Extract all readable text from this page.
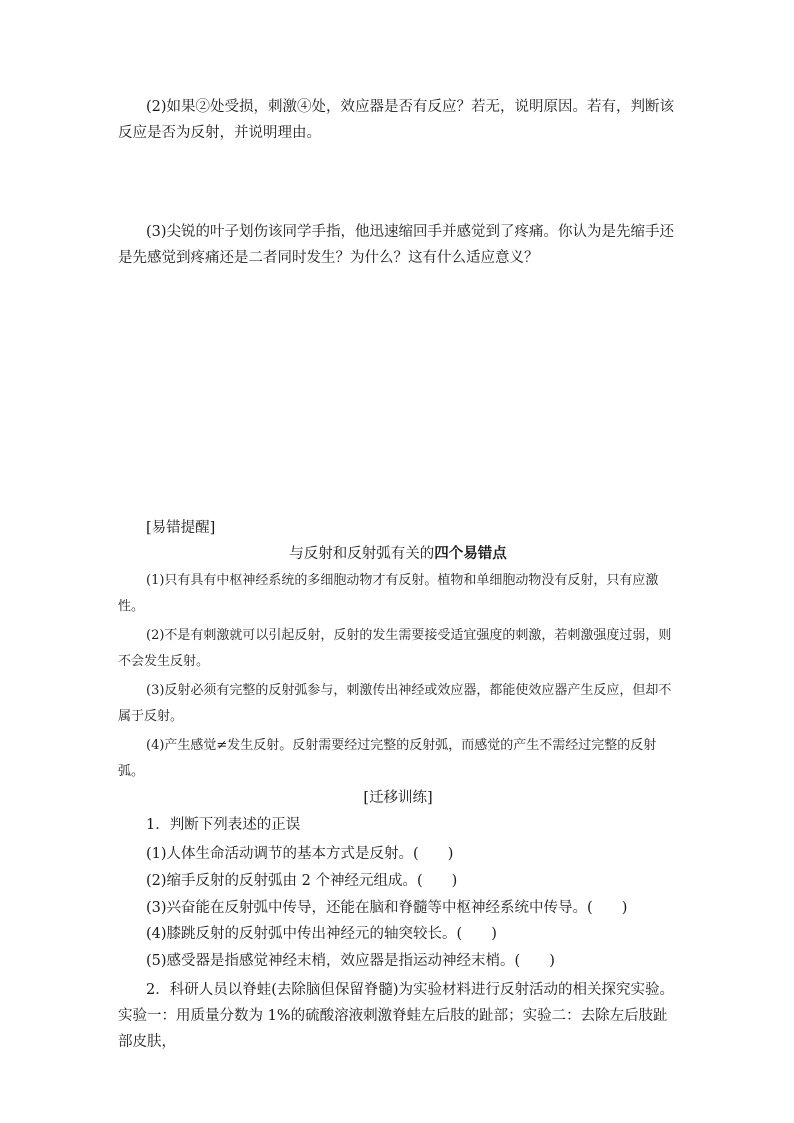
(2)如果②处受损，刺激④处，效应器是否有反应？若无，说明原因。若有，判断该反应是否为反射，并说明理由。

(3)尖锐的叶子划伤该同学手指，他迅速缩回手并感觉到了疼痛。你认为是先缩手还是先感觉到疼痛还是二者同时发生？为什么？这有什么适应意义？

[易错提醒]

与反射和反射弧有关的四个易错点

(1)只有具有中枢神经系统的多细胞动物才有反射。植物和单细胞动物没有反射，只有应激性。

(2)不是有刺激就可以引起反射，反射的发生需要接受适宜强度的刺激，若刺激强度过弱，则不会发生反射。

(3)反射必须有完整的反射弧参与，刺激传出神经或效应器，都能使效应器产生反应，但却不属于反射。

(4)产生感觉≠发生反射。反射需要经过完整的反射弧，而感觉的产生不需经过完整的反射弧。

[迁移训练]

1．判断下列表述的正误

(1)人体生命活动调节的基本方式是反射。(　　)

(2)缩手反射的反射弧由 2 个神经元组成。(　　)

(3)兴奋能在反射弧中传导，还能在脑和脊髓等中枢神经系统中传导。(　　)

(4)膝跳反射的反射弧中传出神经元的轴突较长。(　　)

(5)感受器是指感觉神经末梢，效应器是指运动神经末梢。(　　)

2．科研人员以脊蛙(去除脑但保留脊髓)为实验材料进行反射活动的相关探究实验。实验一：用质量分数为 1%的硫酸溶液刺激脊蛙左后肢的趾部；实验二：去除左后肢趾部皮肤，
